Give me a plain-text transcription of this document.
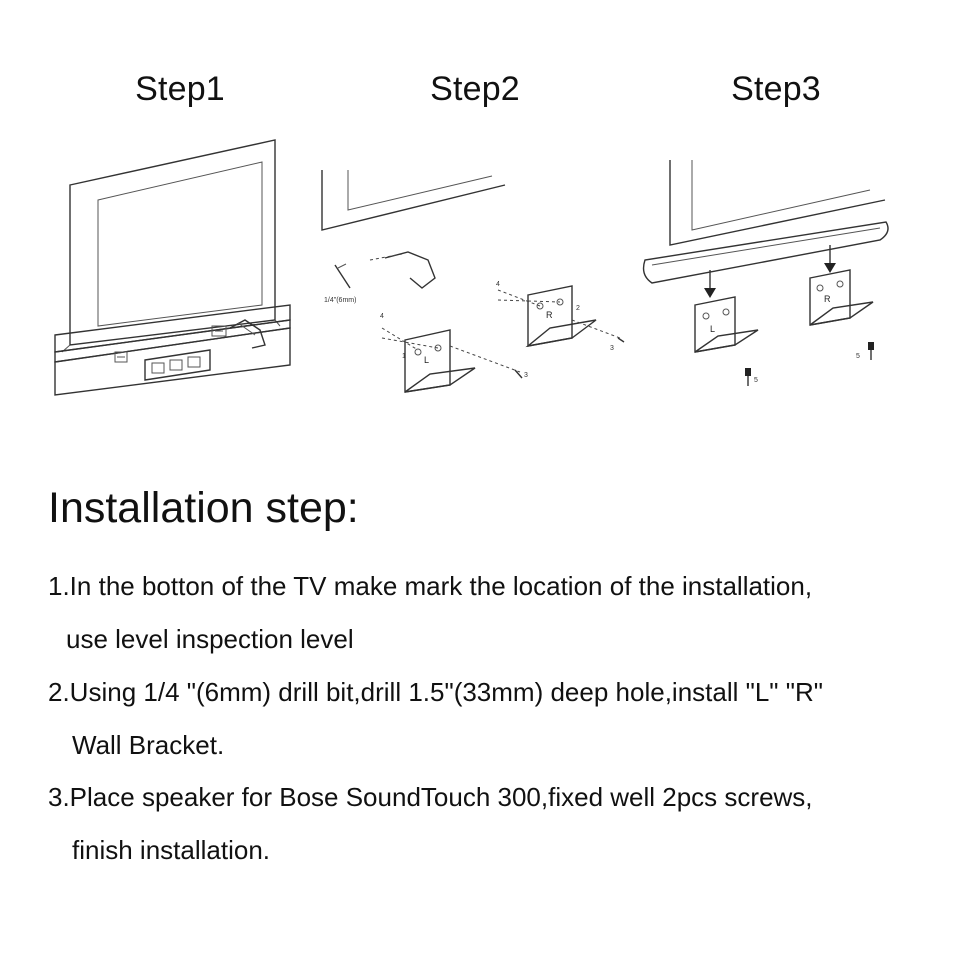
Step1	Step2	Step3
1/4"(6mm)
L
4
1
3
R
4
2
3
L
R
5
5
Installation step:
1.In the botton of the TV make mark the location of the installation,
use level inspection level
2.Using 1/4 "(6mm) drill bit,drill 1.5"(33mm) deep hole,install "L" "R"
Wall Bracket.
3.Place speaker for Bose SoundTouch 300,fixed well 2pcs screws,
finish installation.
